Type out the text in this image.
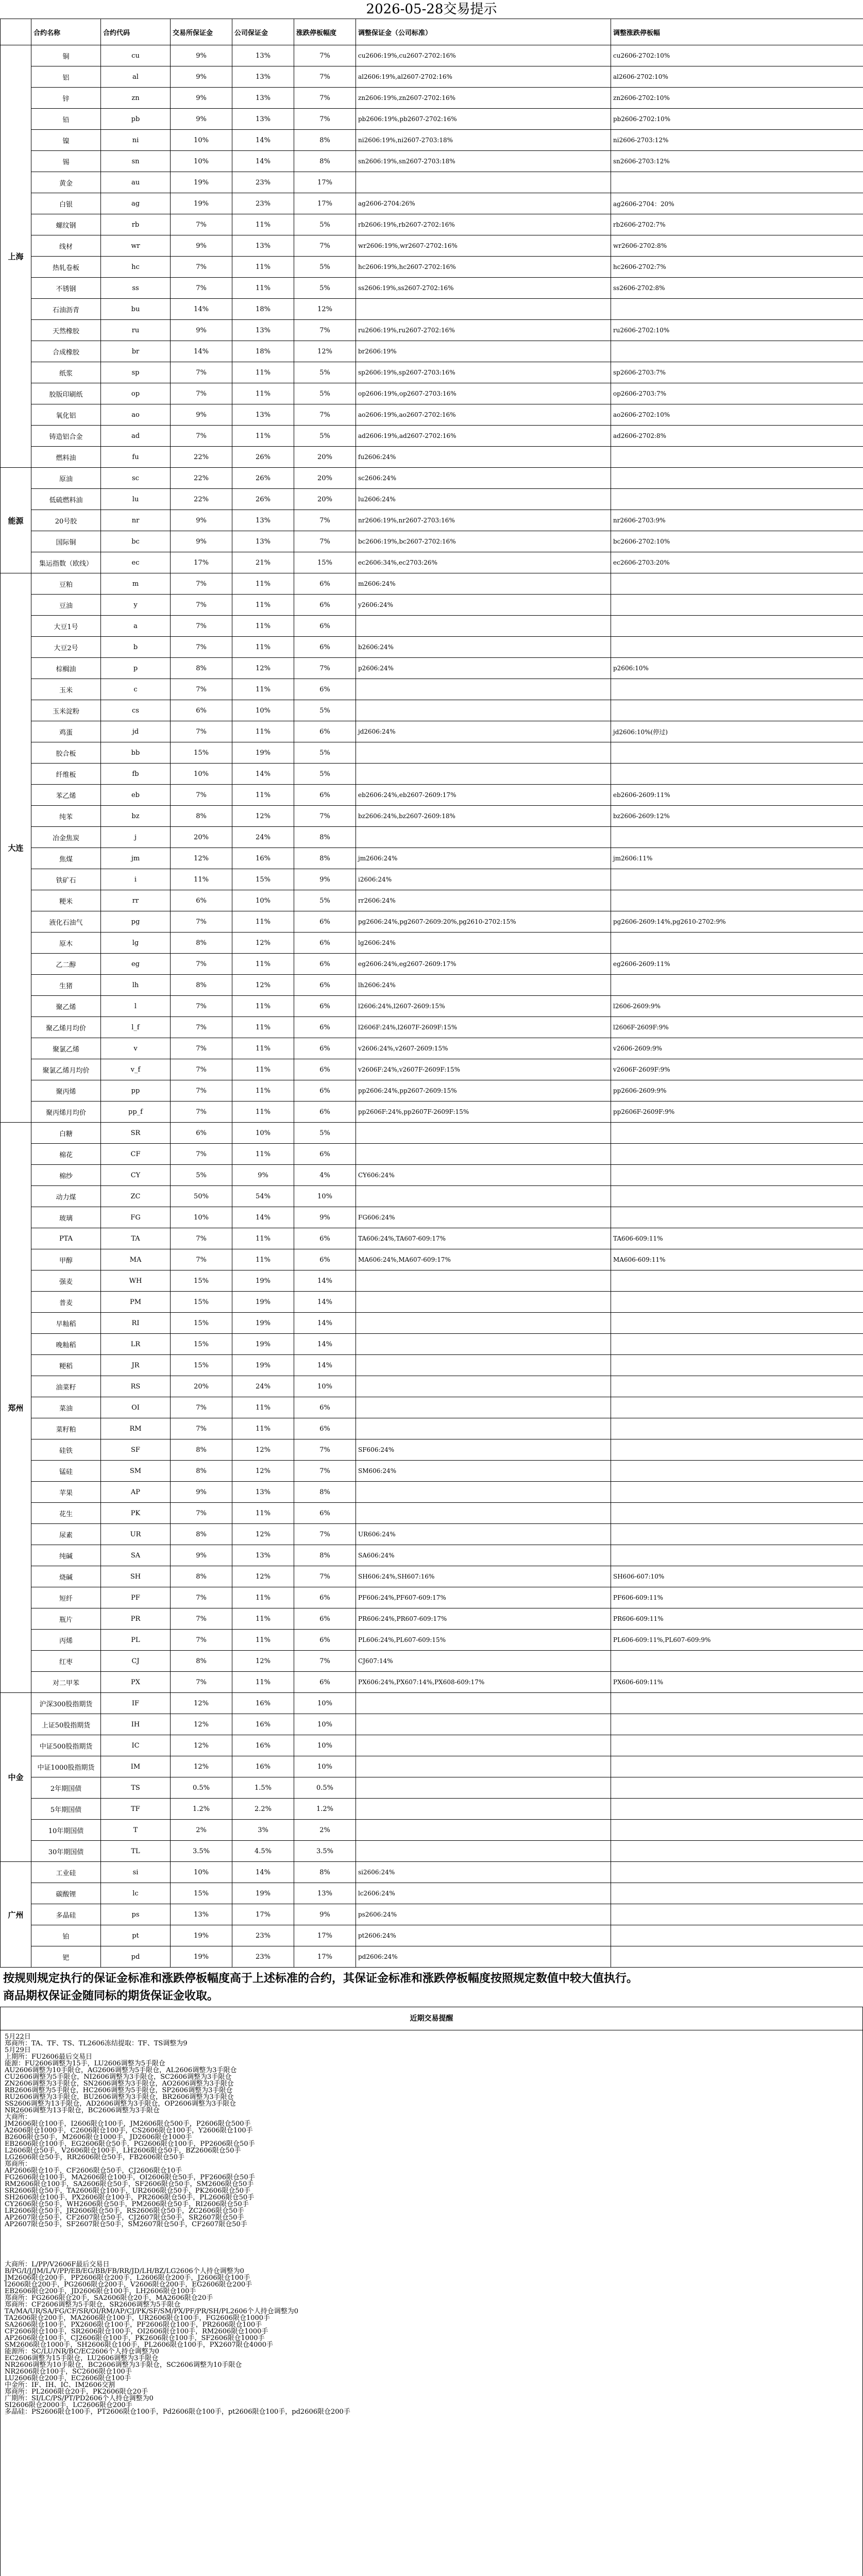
2026-05-28交易提示
	合约名称	合约代码	交易所保证金	公司保证金	涨跌停板幅度	调整保证金（公司标准）	调整涨跌停板幅
上海	铜	cu	9%	13%	7%	cu2606:19%,cu2607-2702:16%	cu2606-2702:10%
	铝	al	9%	13%	7%	al2606:19%,al2607-2702:16%	al2606-2702:10%
	锌	zn	9%	13%	7%	zn2606:19%,zn2607-2702:16%	zn2606-2702:10%
	铅	pb	9%	13%	7%	pb2606:19%,pb2607-2702:16%	pb2606-2702:10%
	镍	ni	10%	14%	8%	ni2606:19%,ni2607-2703:18%	ni2606-2703:12%
	锡	sn	10%	14%	8%	sn2606:19%,sn2607-2703:18%	sn2606-2703:12%
	黄金	au	19%	23%	17%		
	白银	ag	19%	23%	17%	ag2606-2704:26%	ag2606-2704：20%
	螺纹钢	rb	7%	11%	5%	rb2606:19%,rb2607-2702:16%	rb2606-2702:7%
	线材	wr	9%	13%	7%	wr2606:19%,wr2607-2702:16%	wr2606-2702:8%
	热轧卷板	hc	7%	11%	5%	hc2606:19%,hc2607-2702:16%	hc2606-2702:7%
	不锈钢	ss	7%	11%	5%	ss2606:19%,ss2607-2702:16%	ss2606-2702:8%
	石油沥青	bu	14%	18%	12%		
	天然橡胶	ru	9%	13%	7%	ru2606:19%,ru2607-2702:16%	ru2606-2702:10%
	合成橡胶	br	14%	18%	12%	br2606:19%	
	纸浆	sp	7%	11%	5%	sp2606:19%,sp2607-2703:16%	sp2606-2703:7%
	胶版印刷纸	op	7%	11%	5%	op2606:19%,op2607-2703:16%	op2606-2703:7%
	氧化铝	ao	9%	13%	7%	ao2606:19%,ao2607-2702:16%	ao2606-2702:10%
	铸造铝合金	ad	7%	11%	5%	ad2606:19%,ad2607-2702:16%	ad2606-2702:8%
	燃料油	fu	22%	26%	20%	fu2606:24%	
能源	原油	sc	22%	26%	20%	sc2606:24%	
	低硫燃料油	lu	22%	26%	20%	lu2606:24%	
	20号胶	nr	9%	13%	7%	nr2606:19%,nr2607-2703:16%	nr2606-2703:9%
	国际铜	bc	9%	13%	7%	bc2606:19%,bc2607-2702:16%	bc2606-2702:10%
	集运指数（欧线）	ec	17%	21%	15%	ec2606:34%,ec2703:26%	ec2606-2703:20%
大连	豆粕	m	7%	11%	6%	m2606:24%	
	豆油	y	7%	11%	6%	y2606:24%	
	大豆1号	a	7%	11%	6%		
	大豆2号	b	7%	11%	6%	b2606:24%	
	棕榈油	p	8%	12%	7%	p2606:24%	p2606:10%
	玉米	c	7%	11%	6%		
	玉米淀粉	cs	6%	10%	5%		
	鸡蛋	jd	7%	11%	6%	jd2606:24%	jd2606:10%(停过)
	胶合板	bb	15%	19%	5%		
	纤维板	fb	10%	14%	5%		
	苯乙烯	eb	7%	11%	6%	eb2606:24%,eb2607-2609:17%	eb2606-2609:11%
	纯苯	bz	8%	12%	7%	bz2606:24%,bz2607-2609:18%	bz2606-2609:12%
	冶金焦炭	j	20%	24%	8%		
	焦煤	jm	12%	16%	8%	jm2606:24%	jm2606:11%
	铁矿石	i	11%	15%	9%	i2606:24%	
	粳米	rr	6%	10%	5%	rr2606:24%	
	液化石油气	pg	7%	11%	6%	pg2606:24%,pg2607-2609:20%,pg2610-2702:15%	pg2606-2609:14%,pg2610-2702:9%
	原木	lg	8%	12%	6%	lg2606:24%	
	乙二醇	eg	7%	11%	6%	eg2606:24%,eg2607-2609:17%	eg2606-2609:11%
	生猪	lh	8%	12%	6%	lh2606:24%	
	聚乙烯	l	7%	11%	6%	l2606:24%,l2607-2609:15%	l2606-2609:9%
	聚乙烯月均价	l_f	7%	11%	6%	l2606F:24%,l2607F-2609F:15%	l2606F-2609F:9%
	聚氯乙烯	v	7%	11%	6%	v2606:24%,v2607-2609:15%	v2606-2609:9%
	聚氯乙烯月均价	v_f	7%	11%	6%	v2606F:24%,v2607F-2609F:15%	v2606F-2609F:9%
	聚丙烯	pp	7%	11%	6%	pp2606:24%,pp2607-2609:15%	pp2606-2609:9%
	聚丙烯月均价	pp_f	7%	11%	6%	pp2606F:24%,pp2607F-2609F:15%	pp2606F-2609F:9%
郑州	白糖	SR	6%	10%	5%		
	棉花	CF	7%	11%	6%		
	棉纱	CY	5%	9%	4%	CY606:24%	
	动力煤	ZC	50%	54%	10%		
	玻璃	FG	10%	14%	9%	FG606:24%	
	PTA	TA	7%	11%	6%	TA606:24%,TA607-609:17%	TA606-609:11%
	甲醇	MA	7%	11%	6%	MA606:24%,MA607-609:17%	MA606-609:11%
	强麦	WH	15%	19%	14%		
	普麦	PM	15%	19%	14%		
	早籼稻	RI	15%	19%	14%		
	晚籼稻	LR	15%	19%	14%		
	粳稻	JR	15%	19%	14%		
	油菜籽	RS	20%	24%	10%		
	菜油	OI	7%	11%	6%		
	菜籽粕	RM	7%	11%	6%		
	硅铁	SF	8%	12%	7%	SF606:24%	
	锰硅	SM	8%	12%	7%	SM606:24%	
	苹果	AP	9%	13%	8%		
	花生	PK	7%	11%	6%		
	尿素	UR	8%	12%	7%	UR606:24%	
	纯碱	SA	9%	13%	8%	SA606:24%	
	烧碱	SH	8%	12%	7%	SH606:24%,SH607:16%	SH606-607:10%
	短纤	PF	7%	11%	6%	PF606:24%,PF607-609:17%	PF606-609:11%
	瓶片	PR	7%	11%	6%	PR606:24%,PR607-609:17%	PR606-609:11%
	丙烯	PL	7%	11%	6%	PL606:24%,PL607-609:15%	PL606-609:11%,PL607-609:9%
	红枣	CJ	8%	12%	7%	CJ607:14%	
	对二甲苯	PX	7%	11%	6%	PX606:24%,PX607:14%,PX608-609:17%	PX606-609:11%
中金	沪深300股指期货	IF	12%	16%	10%		
	上证50股指期货	IH	12%	16%	10%		
	中证500股指期货	IC	12%	16%	10%		
	中证1000股指期货	IM	12%	16%	10%		
	2年期国债	TS	0.5%	1.5%	0.5%		
	5年期国债	TF	1.2%	2.2%	1.2%		
	10年期国债	T	2%	3%	2%		
	30年期国债	TL	3.5%	4.5%	3.5%		
广州	工业硅	si	10%	14%	8%	si2606:24%	
	碳酸锂	lc	15%	19%	13%	lc2606:24%	
	多晶硅	ps	13%	17%	9%	ps2606:24%	
	铂	pt	19%	23%	17%	pt2606:24%	
	钯	pd	19%	23%	17%	pd2606:24%	
按规则规定执行的保证金标准和涨跌停板幅度高于上述标准的合约，其保证金标准和涨跌停板幅度按照规定数值中较大值执行。
商品期权保证金随同标的期货保证金收取。
近期交易提醒
5月22日
郑商所：TA、TF、TS、TL2606冻结提取：TF、TS调整为9
5月29日
上期所：FU2606最后交易日
能源：FU2606调整为15手，LU2606调整为5手限仓
AU2606调整为10手限仓，AG2606调整为5手限仓，AL2606调整为3手限仓
CU2606调整为5手限仓，NI2606调整为3手限仓，SC2606调整为3手限仓
ZN2606调整为3手限仓，SN2606调整为3手限仓，AO2606调整为3手限仓
RB2606调整为5手限仓，HC2606调整为5手限仓，SP2606调整为3手限仓
RU2606调整为3手限仓，BU2606调整为3手限仓，BR2606调整为3手限仓
SS2606调整为13手限仓，AD2606调整为3手限仓，OP2606调整为3手限仓
NR2606调整为13手限仓，BC2606调整为3手限仓
大商所：
JM2606限仓100手，I2606限仓100手，JM2606限仓500手，P2606限仓500手
A2606限仓1000手，C2606限仓100手，CS2606限仓100手，Y2606限仓100手
B2606限仓50手，M2606限仓1000手，JD2606限仓1000手
EB2606限仓100手，EG2606限仓50手，PG2606限仓100手，PP2606限仓50手
L2606限仓50手，V2606限仓100手，LH2606限仓50手，BZ2606限仓50手
LG2606限仓50手，RR2606限仓50手，FB2606限仓50手
郑商所：
AP2606限仓10手，CF2606限仓50手，CJ2606限仓10手
FG2606限仓100手，MA2606限仓100手，OI2606限仓50手，PF2606限仓50手
RM2606限仓100手，SA2606限仓50手，SF2606限仓50手，SM2606限仓50手
SR2606限仓50手，TA2606限仓100手，UR2606限仓50手，PK2606限仓50手
SH2606限仓100手，PX2606限仓100手，PR2606限仓50手，PL2606限仓50手
CY2606限仓50手，WH2606限仓50手，PM2606限仓50手，RI2606限仓50手
LR2606限仓50手，JR2606限仓50手，RS2606限仓50手，ZC2606限仓50手
AP2607限仓50手，CF2607限仓50手，CJ2607限仓50手，SR2607限仓50手
AP2607限仓50手，SF2607限仓50手，SM2607限仓50手，CF2607限仓50手

大商所：L/PP/V2606F最后交易日
B/PG/I/J/JM/L/V/PP/EB/EG/BB/FB/RR/JD/LH/BZ/LG2606个人持仓调整为0
JM2606限仓200手，PP2606限仓200手，L2606限仓200手，J2606限仓100手
I2606限仓200手，PG2606限仓200手，V2606限仓200手，EG2606限仓200手
EB2606限仓200手，JD2606限仓100手，LH2606限仓100手
郑商所：FG2606限仓20手，SA2606限仓20手，MA2606限仓20手
郑商所：CF2606调整为5手限仓，SR2606调整为5手限仓
TA/MA/UR/SA/FG/CF/SR/OI/RM/AP/CJ/PK/SF/SM/PX/PF/PR/SH/PL2606个人持仓调整为0
TA2606限仓200手，MA2606限仓100手，UR2606限仓100手，FG2606限仓1000手
SA2606限仓100手，PX2606限仓100手，PF2606限仓100手，PR2606限仓100手
CF2606限仓100手，SR2606限仓100手，OI2606限仓100手，RM2606限仓1000手
AP2606限仓100手，CJ2606限仓100手，PK2606限仓100手，SF2606限仓1000手
SM2606限仓1000手，SH2606限仓100手，PL2606限仓100手，PX2607限仓4000手
能源所：SC/LU/NR/BC/EC2606个人持仓调整为0
EC2606调整为15手限仓，LU2606调整为3手限仓
NR2606调整为10手限仓，BC2606调整为3手限仓，SC2606调整为10手限仓
NR2606限仓100手，SC2606限仓100手
LU2606限仓200手，EC2606限仓100手
中金所：IF、IH、IC、IM2606交割
郑商所：PL2606限仓20手，PK2606限仓20手
广期所：SI/LC/PS/PT/PD2606个人持仓调整为0
SI2606限仓2000手，LC2606限仓200手
多晶硅：PS2606限仓100手，PT2606限仓100手，Pd2606限仓100手，pt2606限仓100手，pd2606限仓200手
